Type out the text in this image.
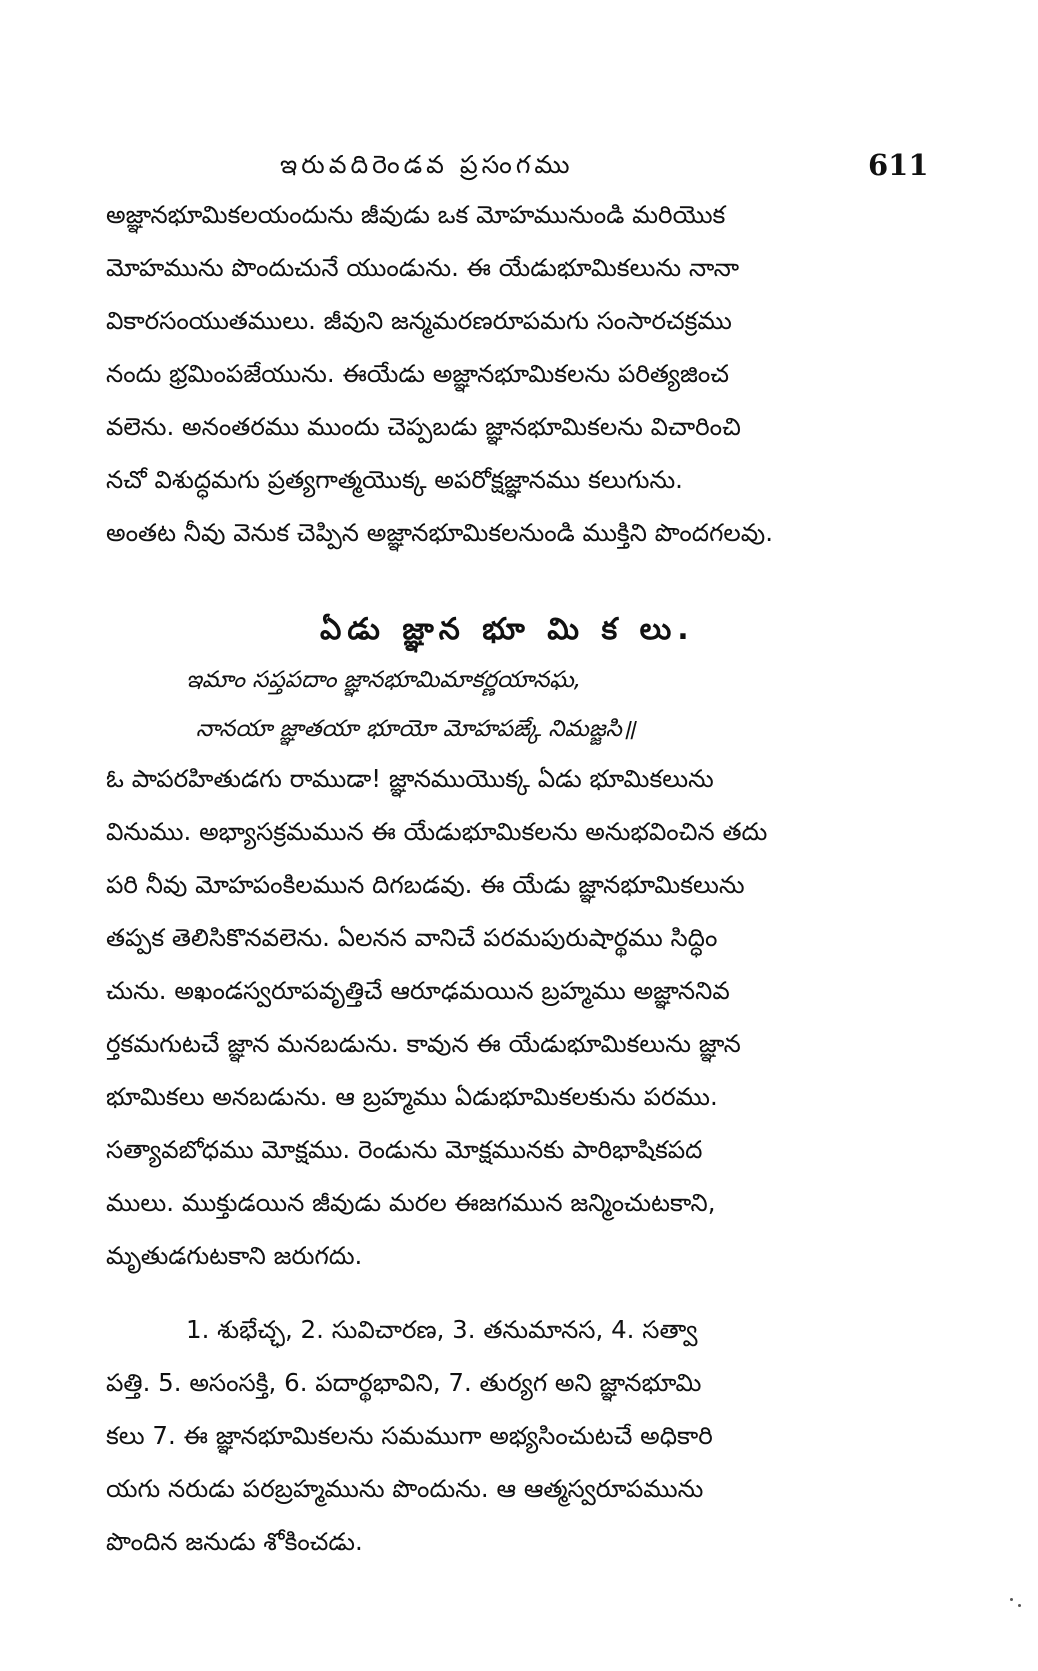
ఇరువదిరెండవ ప్రసంగము	611
అజ్ఞానభూమికలయందును జీవుడు ఒక మోహమునుండి మరియొక
మోహమును పొందుచునే యుండును. ఈ యేడుభూమికలును నానా
వికారసంయుతములు. జీవుని జన్మమరణరూపమగు సంసారచక్రము
నందు భ్రమింపజేయును. ఈయేడు అజ్ఞానభూమికలను పరిత్యజించ
వలెను. అనంతరము ముందు చెప్పబడు జ్ఞానభూమికలను విచారించి
నచో విశుద్ధమగు ప్రత్యగాత్మయొక్క అపరోక్షజ్ఞానము కలుగును.
అంతట నీవు వెనుక చెప్పిన అజ్ఞానభూమికలనుండి ముక్తిని పొందగలవు.
ఏడు జ్ఞాన భూ మి క లు.
ఇమాం సప్తపదాం జ్ఞానభూమిమాకర్ణయానఘ,
నానయా జ్ఞాతయా భూయో మోహపఙ్కే నిమజ్జసి॥
ఓ పాపరహితుడగు రాముడా! జ్ఞానముయొక్క ఏడు భూమికలును
వినుము. అభ్యాసక్రమమున ఈ యేడుభూమికలను అనుభవించిన తదు
పరి నీవు మోహపంకిలమున దిగబడవు. ఈ యేడు జ్ఞానభూమికలును
తప్పక తెలిసికొనవలెను. ఏలనన వానిచే పరమపురుషార్థము సిద్ధిం
చును. అఖండస్వరూపవృత్తిచే ఆరూఢమయిన బ్రహ్మము అజ్ఞాననివ
ర్తకమగుటచే జ్ఞాన మనబడును. కావున ఈ యేడుభూమికలును జ్ఞాన
భూమికలు అనబడును. ఆ బ్రహ్మము ఏడుభూమికలకును పరము.
సత్యావబోధము మోక్షము. రెండును మోక్షమునకు పారిభాషికపద
ములు. ముక్తుడయిన జీవుడు మరల ఈజగమున జన్మించుటకాని,
మృతుడగుటకాని జరుగదు.
1. శుభేచ్ఛ, 2. సువిచారణ, 3. తనుమానస, 4. సత్వా
పత్తి. 5. అసంసక్తి, 6. పదార్థభావిని, 7. తుర్యగ అని జ్ఞానభూమి
కలు 7. ఈ జ్ఞానభూమికలను సమముగా అభ్యసించుటచే అధికారి
యగు నరుడు పరబ్రహ్మమును పొందును. ఆ ఆత్మస్వరూపమును
పొందిన జనుడు శోకించడు.
